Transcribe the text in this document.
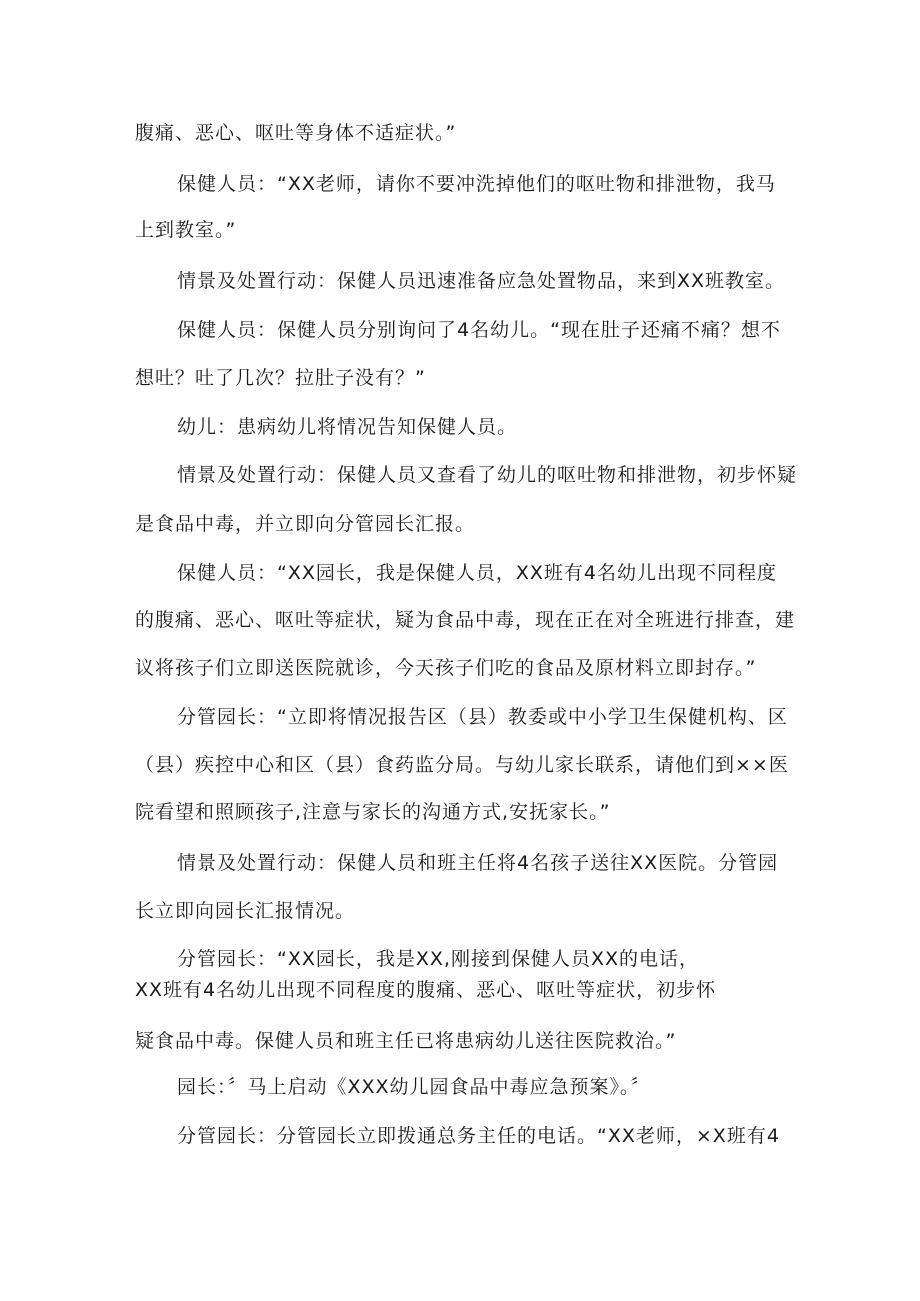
腹痛、恶心、呕吐等身体不适症状。”
保健人员：“XX老师，请你不要冲洗掉他们的呕吐物和排泄物，我马
上到教室。”
情景及处置行动：保健人员迅速准备应急处置物品，来到XX班教室。
保健人员：保健人员分别询问了4名幼儿。“现在肚子还痛不痛？想不
想吐？吐了几次？拉肚子没有？”
幼儿：患病幼儿将情况告知保健人员。
情景及处置行动：保健人员又查看了幼儿的呕吐物和排泄物，初步怀疑
是食品中毒，并立即向分管园长汇报。
保健人员：“XX园长，我是保健人员，XX班有4名幼儿出现不同程度
的腹痛、恶心、呕吐等症状，疑为食品中毒，现在正在对全班进行排查，建
议将孩子们立即送医院就诊，今天孩子们吃的食品及原材料立即封存。”
分管园长：“立即将情况报告区（县）教委或中小学卫生保健机构、区
（县）疾控中心和区（县）食药监分局。与幼儿家长联系，请他们到××医
院看望和照顾孩子,注意与家长的沟通方式,安抚家长。”
情景及处置行动：保健人员和班主任将4名孩子送往XX医院。分管园
长立即向园长汇报情况。
分管园长：“XX园长，我是XX,刚接到保健人员XX的电话，
XX班有4名幼儿出现不同程度的腹痛、恶心、呕吐等症状，初步怀
疑食品中毒。保健人员和班主任已将患病幼儿送往医院救治。”
园长：〞马上启动《XXX幼儿园食品中毒应急预案》。〞
分管园长：分管园长立即拨通总务主任的电话。“XX老师，×X班有4
